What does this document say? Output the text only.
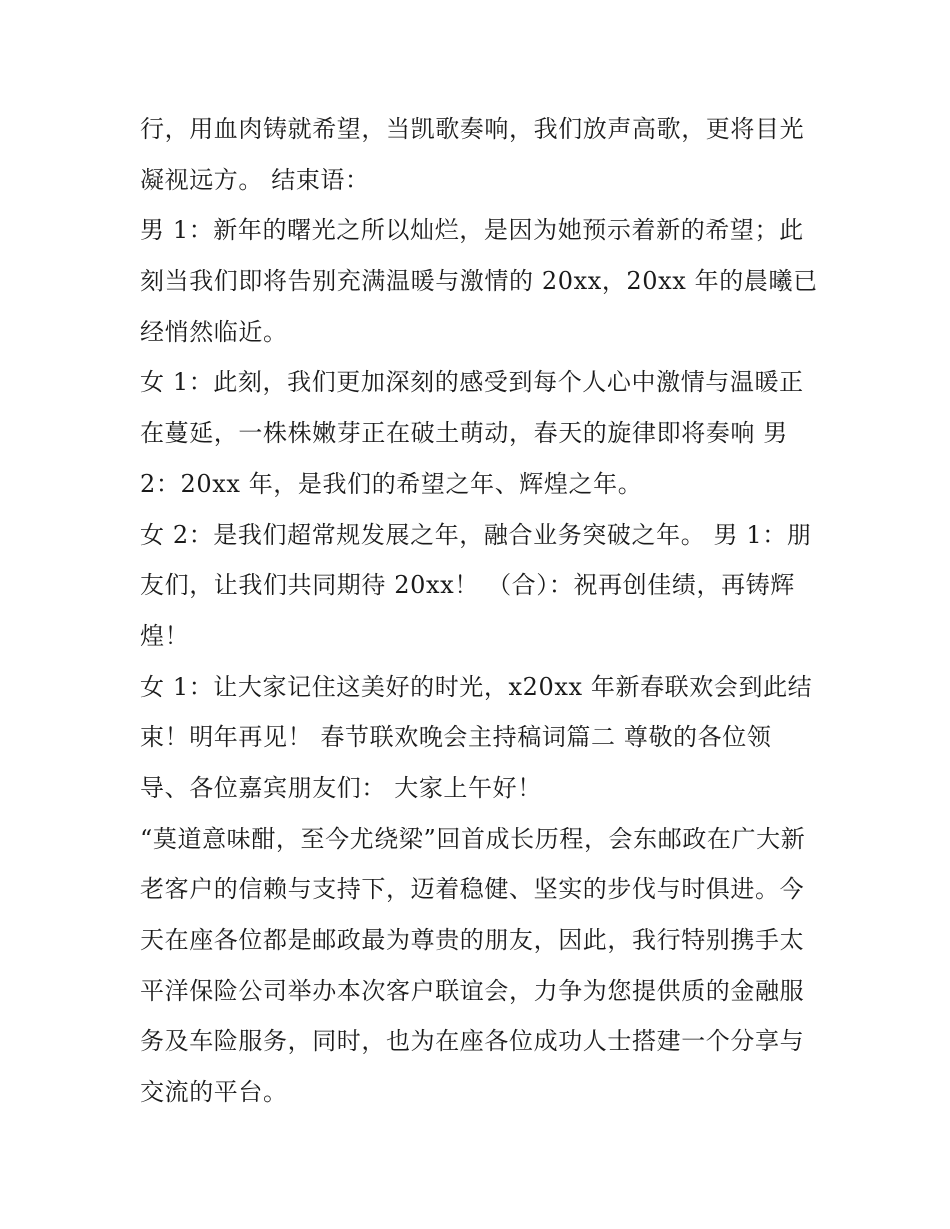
行，用血肉铸就希望，当凯歌奏响，我们放声高歌，更将目光
凝视远方。 结束语：
男 1：新年的曙光之所以灿烂，是因为她预示着新的希望；此
刻当我们即将告别充满温暖与激情的 20xx，20xx 年的晨曦已
经悄然临近。
女 1：此刻，我们更加深刻的感受到每个人心中激情与温暖正
在蔓延，一株株嫩芽正在破土萌动，春天的旋律即将奏响 男
2：20xx 年，是我们的希望之年、辉煌之年。
女 2：是我们超常规发展之年，融合业务突破之年。 男 1：朋
友们，让我们共同期待 20xx！ （合）：祝再创佳绩，再铸辉
煌！
女 1：让大家记住这美好的时光，x20xx 年新春联欢会到此结
束！明年再见！ 春节联欢晚会主持稿词篇二 尊敬的各位领
导、各位嘉宾朋友们： 大家上午好！
“莫道意味酣，至今尤绕梁”回首成长历程，会东邮政在广大新
老客户的信赖与支持下，迈着稳健、坚实的步伐与时俱进。今
天在座各位都是邮政最为尊贵的朋友，因此，我行特别携手太
平洋保险公司举办本次客户联谊会，力争为您提供质的金融服
务及车险服务，同时，也为在座各位成功人士搭建一个分享与
交流的平台。
